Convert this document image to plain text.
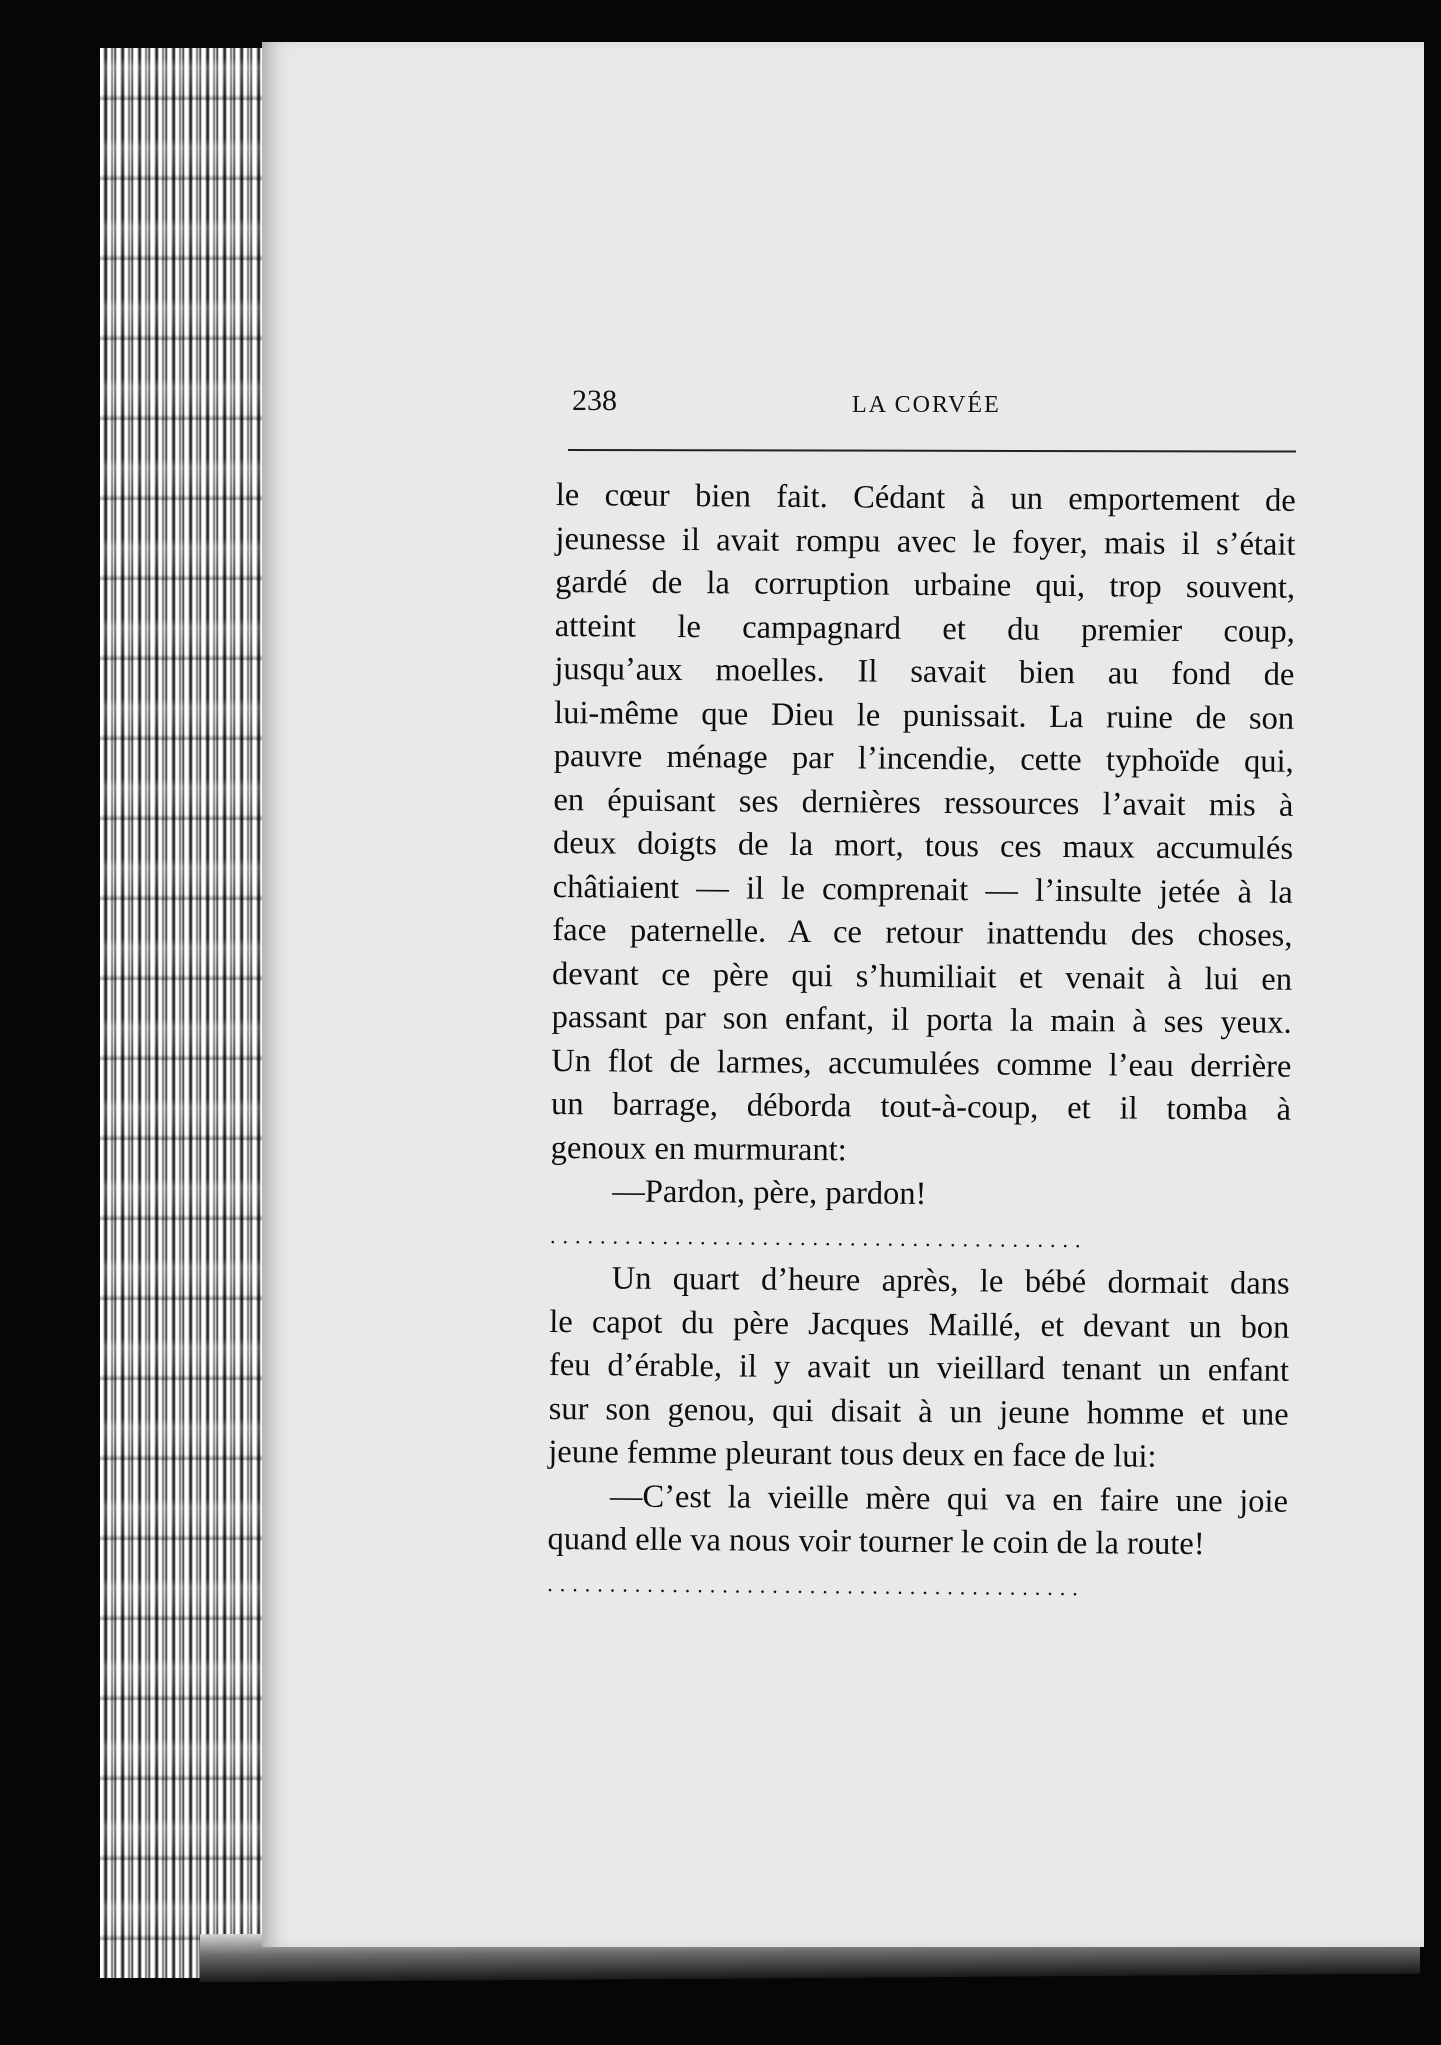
238	LA CORVÉE
le cœur bien fait. Cédant à un emportement de
jeunesse il avait rompu avec le foyer, mais il s’était
gardé de la corruption urbaine qui, trop souvent,
atteint le campagnard et du premier coup,
jusqu’aux moelles. Il savait bien au fond de
lui-même que Dieu le punissait. La ruine de son
pauvre ménage par l’incendie, cette typhoïde qui,
en épuisant ses dernières ressources l’avait mis à
deux doigts de la mort, tous ces maux accumulés
châtiaient — il le comprenait — l’insulte jetée à la
face paternelle. A ce retour inattendu des choses,
devant ce père qui s’humiliait et venait à lui en
passant par son enfant, il porta la main à ses yeux.
Un flot de larmes, accumulées comme l’eau derrière
un barrage, déborda tout-à-coup, et il tomba à
genoux en murmurant:
—Pardon, père, pardon!
...........................................
Un quart d’heure après, le bébé dormait dans
le capot du père Jacques Maillé, et devant un bon
feu d’érable, il y avait un vieillard tenant un enfant
sur son genou, qui disait à un jeune homme et une
jeune femme pleurant tous deux en face de lui:
—C’est la vieille mère qui va en faire une joie
quand elle va nous voir tourner le coin de la route!
...........................................
